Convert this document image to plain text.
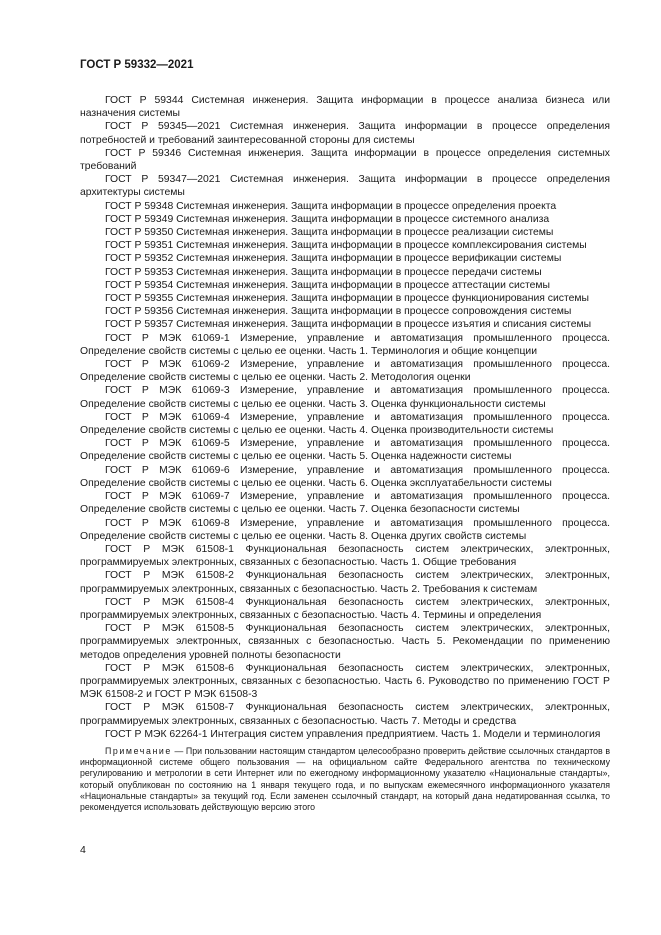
ГОСТ Р 59332—2021

ГОСТ Р 59344 Системная инженерия. Защита информации в процессе анализа бизнеса или назначения системы

ГОСТ Р 59345—2021 Системная инженерия. Защита информации в процессе определения потребностей и требований заинтересованной стороны для системы

ГОСТ Р 59346 Системная инженерия. Защита информации в процессе определения системных требований

ГОСТ Р 59347—2021 Системная инженерия. Защита информации в процессе определения архитектуры системы

ГОСТ Р 59348 Системная инженерия. Защита информации в процессе определения проекта

ГОСТ Р 59349 Системная инженерия. Защита информации в процессе системного анализа

ГОСТ Р 59350 Системная инженерия. Защита информации в процессе реализации системы

ГОСТ Р 59351 Системная инженерия. Защита информации в процессе комплексирования системы

ГОСТ Р 59352 Системная инженерия. Защита информации в процессе верификации системы

ГОСТ Р 59353 Системная инженерия. Защита информации в процессе передачи системы

ГОСТ Р 59354 Системная инженерия. Защита информации в процессе аттестации системы

ГОСТ Р 59355 Системная инженерия. Защита информации в процессе функционирования системы

ГОСТ Р 59356 Системная инженерия. Защита информации в процессе сопровождения системы

ГОСТ Р 59357 Системная инженерия. Защита информации в процессе изъятия и списания системы

ГОСТ Р МЭК 61069-1 Измерение, управление и автоматизация промышленного процесса. Определение свойств системы с целью ее оценки. Часть 1. Терминология и общие концепции

ГОСТ Р МЭК 61069-2 Измерение, управление и автоматизация промышленного процесса. Определение свойств системы с целью ее оценки. Часть 2. Методология оценки

ГОСТ Р МЭК 61069-3 Измерение, управление и автоматизация промышленного процесса. Определение свойств системы с целью ее оценки. Часть 3. Оценка функциональности системы

ГОСТ Р МЭК 61069-4 Измерение, управление и автоматизация промышленного процесса. Определение свойств системы с целью ее оценки. Часть 4. Оценка производительности системы

ГОСТ Р МЭК 61069-5 Измерение, управление и автоматизация промышленного процесса. Определение свойств системы с целью ее оценки. Часть 5. Оценка надежности системы

ГОСТ Р МЭК 61069-6 Измерение, управление и автоматизация промышленного процесса. Определение свойств системы с целью ее оценки. Часть 6. Оценка эксплуатабельности системы

ГОСТ Р МЭК 61069-7 Измерение, управление и автоматизация промышленного процесса. Определение свойств системы с целью ее оценки. Часть 7. Оценка безопасности системы

ГОСТ Р МЭК 61069-8 Измерение, управление и автоматизация промышленного процесса. Определение свойств системы с целью ее оценки. Часть 8. Оценка других свойств системы

ГОСТ Р МЭК 61508-1 Функциональная безопасность систем электрических, электронных, программируемых электронных, связанных с безопасностью. Часть 1. Общие требования

ГОСТ Р МЭК 61508-2 Функциональная безопасность систем электрических, электронных, программируемых электронных, связанных с безопасностью. Часть 2. Требования к системам

ГОСТ Р МЭК 61508-4 Функциональная безопасность систем электрических, электронных, программируемых электронных, связанных с безопасностью. Часть 4. Термины и определения

ГОСТ Р МЭК 61508-5 Функциональная безопасность систем электрических, электронных, программируемых электронных, связанных с безопасностью. Часть 5. Рекомендации по применению методов определения уровней полноты безопасности

ГОСТ Р МЭК 61508-6 Функциональная безопасность систем электрических, электронных, программируемых электронных, связанных с безопасностью. Часть 6. Руководство по применению ГОСТ Р МЭК 61508-2 и ГОСТ Р МЭК 61508-3

ГОСТ Р МЭК 61508-7 Функциональная безопасность систем электрических, электронных, программируемых электронных, связанных с безопасностью. Часть 7. Методы и средства

ГОСТ Р МЭК 62264-1 Интеграция систем управления предприятием. Часть 1. Модели и терминология

Примечание — При пользовании настоящим стандартом целесообразно проверить действие ссылочных стандартов в информационной системе общего пользования — на официальном сайте Федерального агентства по техническому регулированию и метрологии в сети Интернет или по ежегодному информационному указателю «Национальные стандарты», который опубликован по состоянию на 1 января текущего года, и по выпускам ежемесячного информационного указателя «Национальные стандарты» за текущий год. Если заменен ссылочный стандарт, на который дана недатированная ссылка, то рекомендуется использовать действующую версию этого

4
